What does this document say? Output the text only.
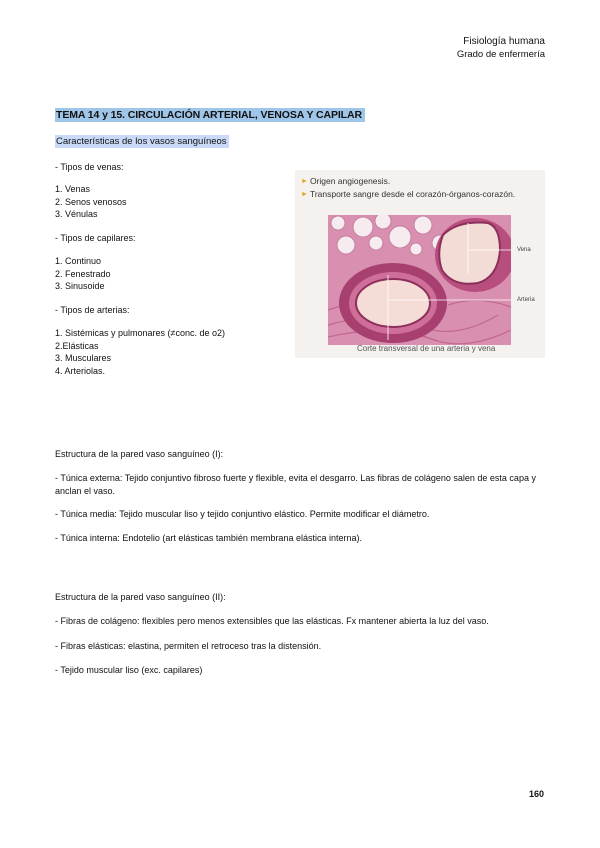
Fisiología humana
Grado de enfermería
TEMA 14 y 15. CIRCULACIÓN ARTERIAL, VENOSA Y CAPILAR
Características de los vasos sanguíneos
- Tipos de venas:
1. Venas
2. Senos venosos
3. Vénulas
- Tipos de capilares:
1. Continuo
2. Fenestrado
3. Sinusoide
- Tipos de arterias:
1. Sistémicas y pulmonares (≠conc. de o2)
2.Elásticas
3. Musculares
4. Arteriolas.
► Origen angiogenesis.
► Transporte sangre desde el corazón-órganos-corazón.
Vena
Arteria
Corte transversal de una arteria y vena
Estructura de la pared vaso sanguíneo (I):
- Túnica externa: Tejido conjuntivo fibroso fuerte y flexible, evita el desgarro. Las fibras de colágeno salen de esta capa y anclan el vaso.
- Túnica media: Tejido muscular liso y tejido conjuntivo elástico. Permite modificar el diámetro.
- Túnica interna: Endotelio (art elásticas también membrana elástica interna).
Estructura de la pared vaso sanguíneo (II):
- Fibras de colágeno: flexibles pero menos extensibles que las elásticas. Fx mantener abierta la luz del vaso.
- Fibras elásticas: elastina, permiten el retroceso tras la distensión.
- Tejido muscular liso (exc. capilares)
160
